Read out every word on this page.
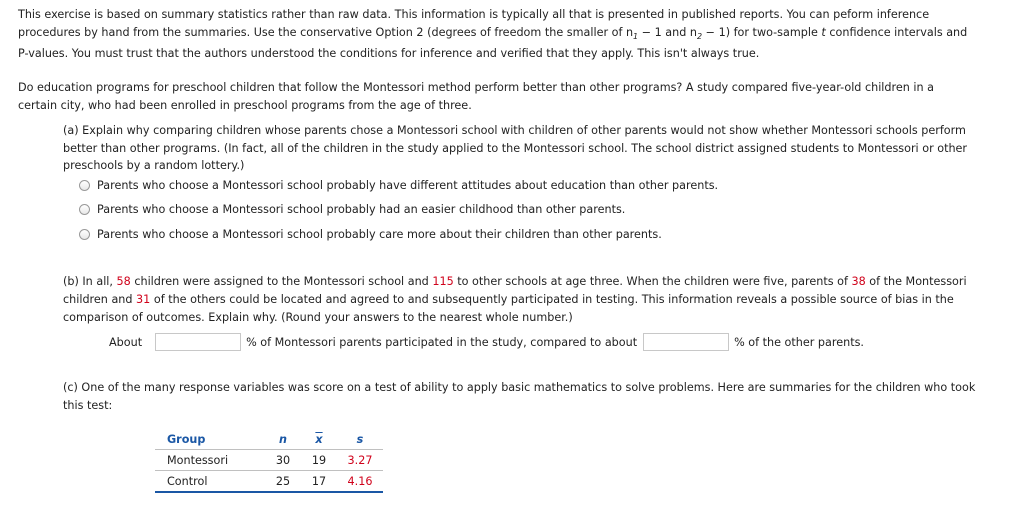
This exercise is based on summary statistics rather than raw data. This information is typically all that is presented in published reports. You can peform inference

procedures by hand from the summaries. Use the conservative Option 2 (degrees of freedom the smaller of $n_1 - 1$ and $n_2 - 1$) for two-sample t confidence intervals and

P-values. You must trust that the authors understood the conditions for inference and verified that they apply. This isn't always true.

Do education programs for preschool children that follow the Montessori method perform better than other programs? A study compared five-year-old children in a

certain city, who had been enrolled in preschool programs from the age of three.

(a) Explain why comparing children whose parents chose a Montessori school with children of other parents would not show whether Montessori schools perform

better than other programs. (In fact, all of the children in the study applied to the Montessori school. The school district assigned students to Montessori or other

preschools by a random lottery.)

Parents who choose a Montessori school probably have different attitudes about education than other parents.
Parents who choose a Montessori school probably had an easier childhood than other parents.
Parents who choose a Montessori school probably care more about their children than other parents.

(b) In all, 58 children were assigned to the Montessori school and 115 to other schools at age three. When the children were five, parents of 38 of the Montessori

children and 31 of the others could be located and agreed to and subsequently participated in testing. This information reveals a possible source of bias in the

comparison of outcomes. Explain why. (Round your answers to the nearest whole number.)

About	% of Montessori parents participated in the study, compared to about	% of the other parents.

(c) One of the many response variables was score on a test of ability to apply basic mathematics to solve problems. Here are summaries for the children who took

this test:

Group	n	$\overline{x}$	s
Montessori	30	19	3.27
Control	25	17	4.16
